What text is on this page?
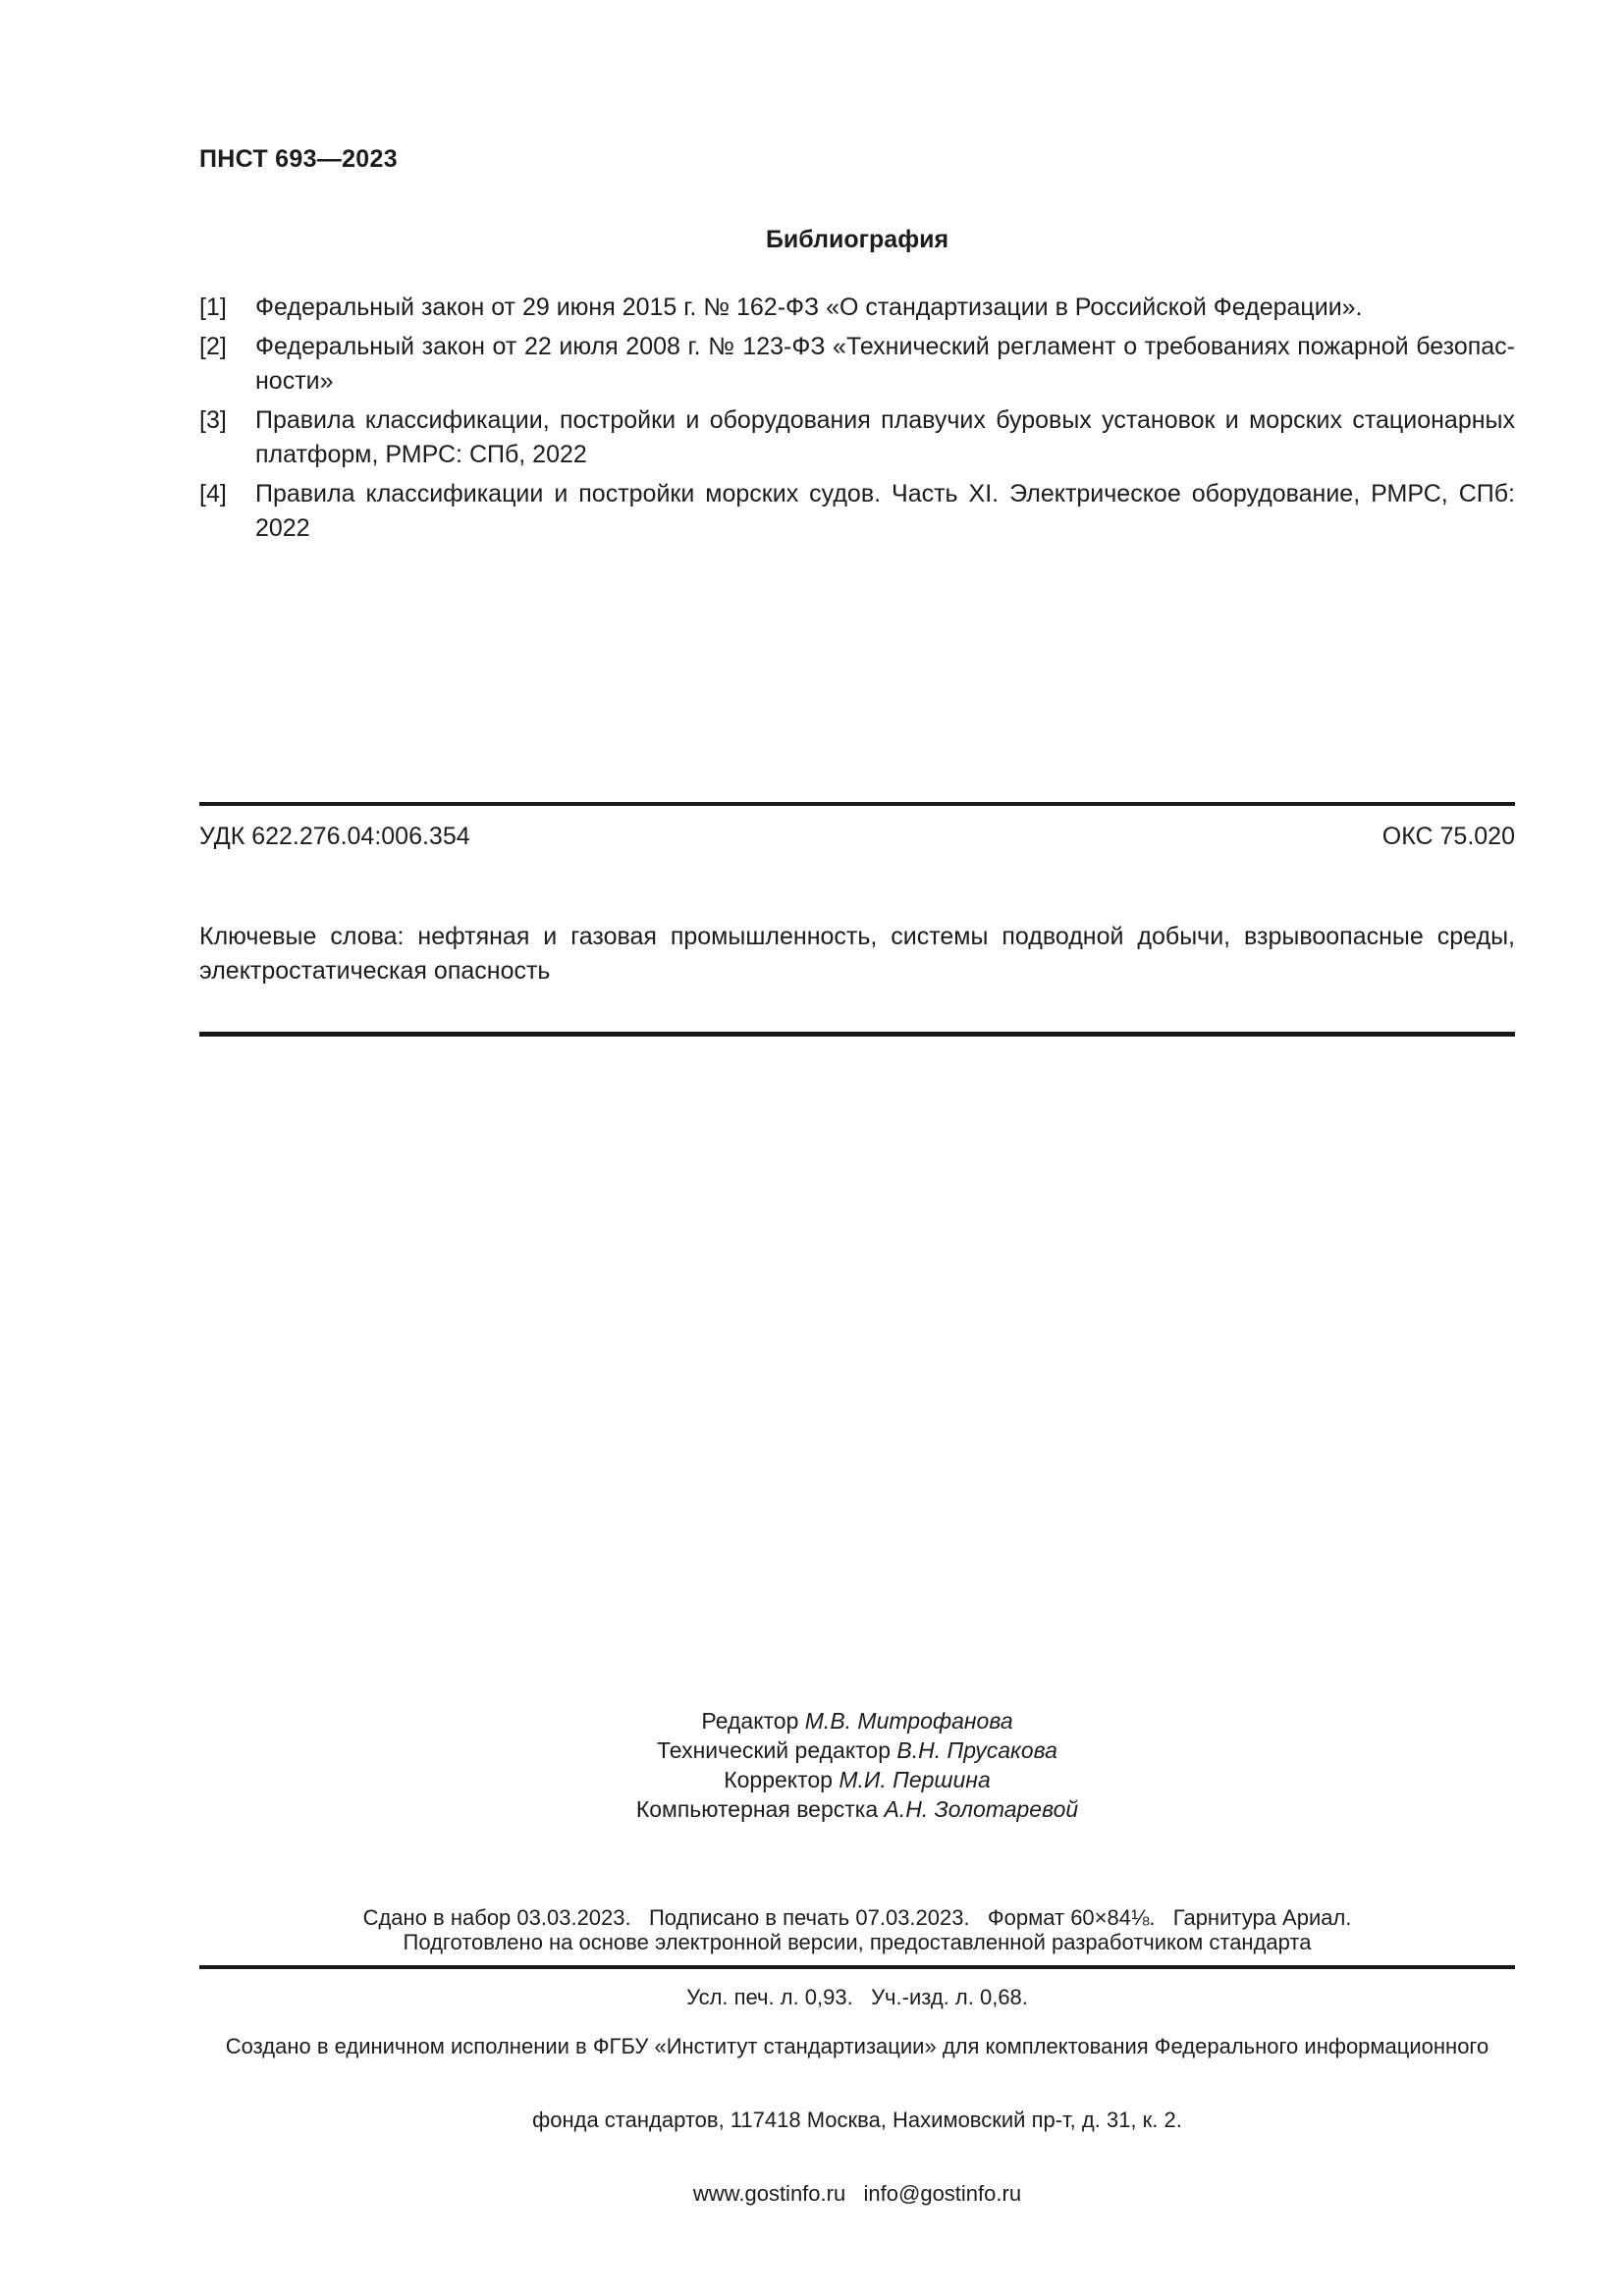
ПНСТ 693—2023
Библиография
[1] Федеральный закон от 29 июня 2015 г. № 162-ФЗ «О стандартизации в Российской Федерации».
[2] Федеральный закон от 22 июля 2008 г. № 123-ФЗ «Технический регламент о требованиях пожарной безопасности»
[3] Правила классификации, постройки и оборудования плавучих буровых установок и морских стационарных платформ, РМРС: СПб, 2022
[4] Правила классификации и постройки морских судов. Часть XI. Электрическое оборудование, РМРС, СПб: 2022
УДК 622.276.04:006.354	ОКС 75.020
Ключевые слова: нефтяная и газовая промышленность, системы подводной добычи, взрывоопасные среды, электростатическая опасность
Редактор М.В. Митрофанова
Технический редактор В.Н. Прусакова
Корректор М.И. Першина
Компьютерная верстка А.Н. Золотаревой

Сдано в набор 03.03.2023.   Подписано в печать 07.03.2023.   Формат 60×84⅛.   Гарнитура Ариал.

Усл. печ. л. 0,93.   Уч.-изд. л. 0,68.

Подготовлено на основе электронной версии, предоставленной разработчиком стандарта

Создано в единичном исполнении в ФГБУ «Институт стандартизации» для комплектования Федерального информационного

фонда стандартов, 117418 Москва, Нахимовский пр-т, д. 31, к. 2.

www.gostinfo.ru   info@gostinfo.ru
